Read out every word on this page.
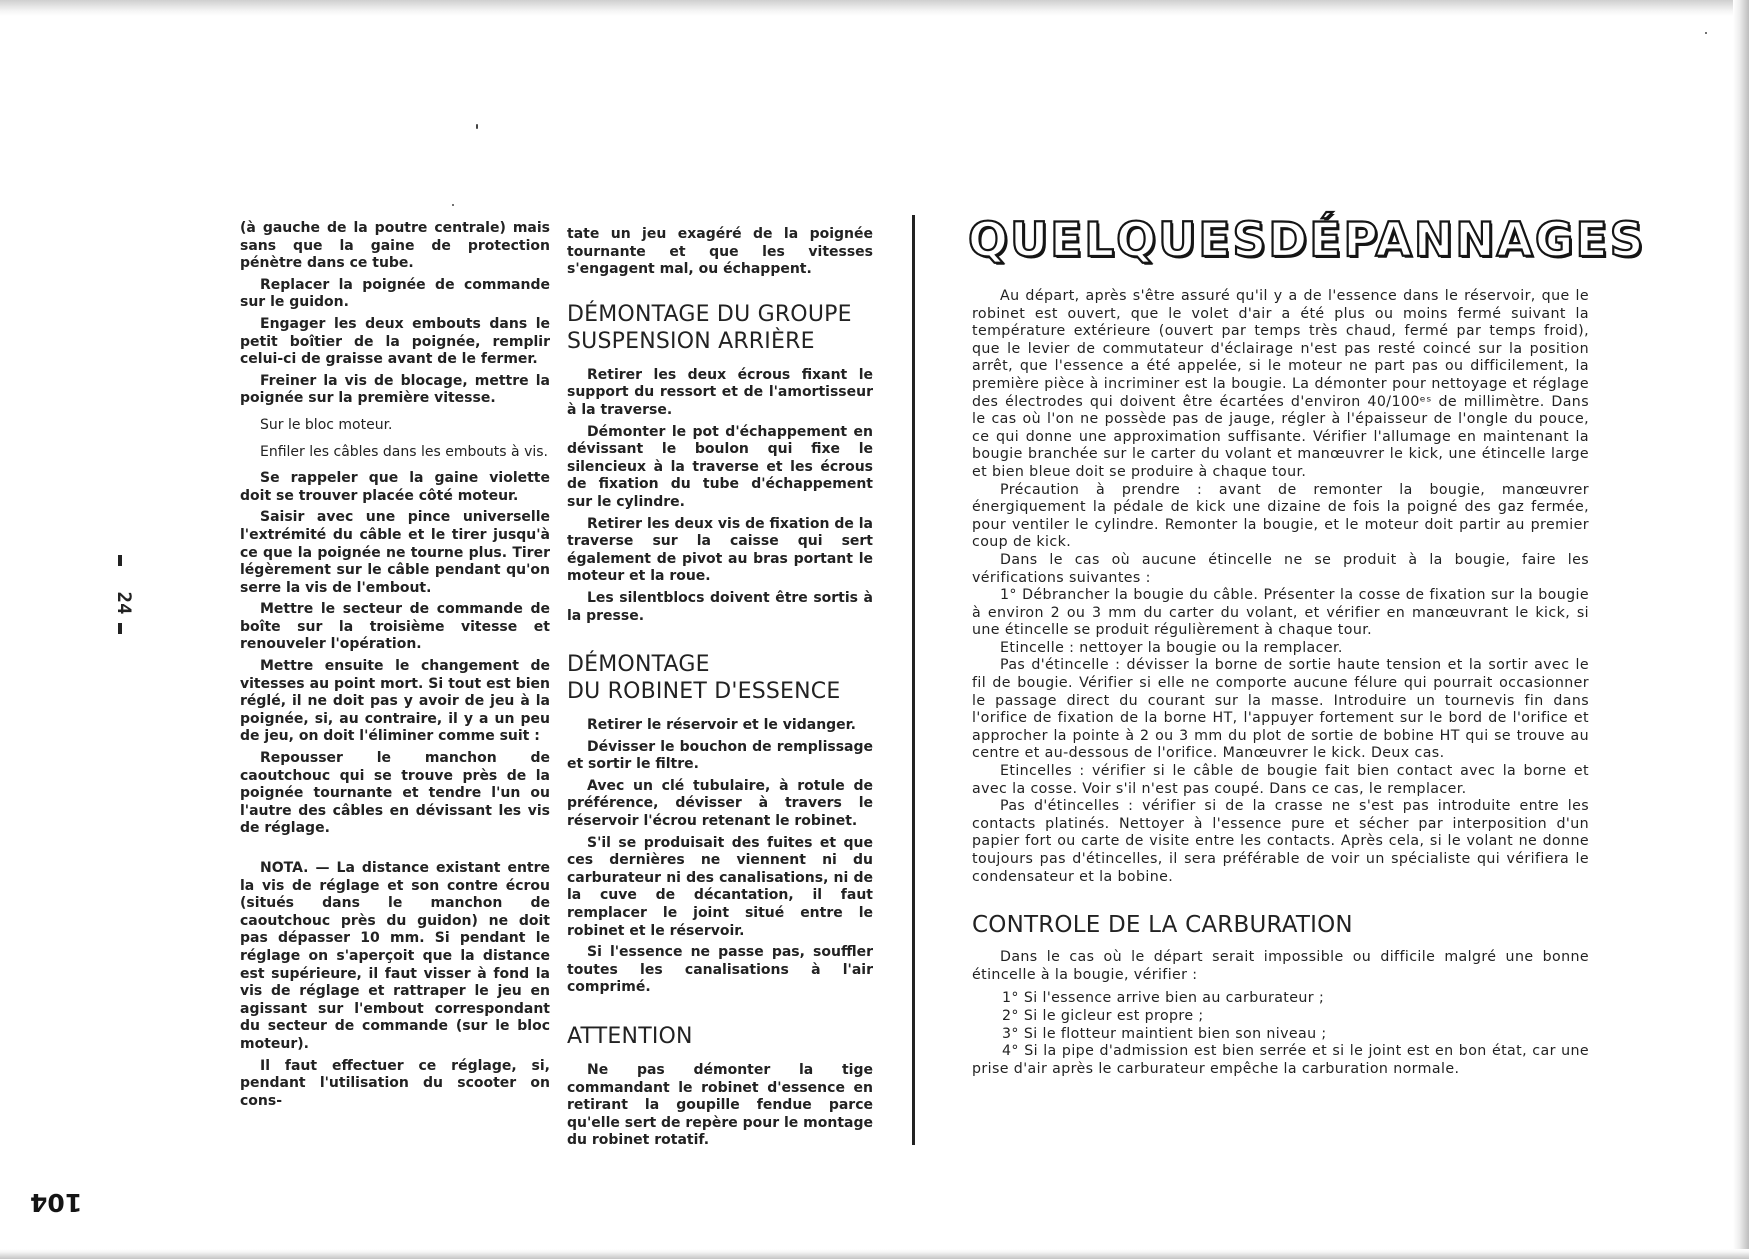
(à gauche de la poutre centrale) mais sans que la gaine de protection pénètre dans ce tube.

Replacer la poignée de commande sur le guidon.

Engager les deux embouts dans le petit boîtier de la poignée, remplir celui-ci de graisse avant de le fermer.

Freiner la vis de blocage, mettre la poignée sur la première vitesse.

Sur le bloc moteur.

Enfiler les câbles dans les embouts à vis.

Se rappeler que la gaine violette doit se trouver placée côté moteur.

Saisir avec une pince universelle l'extrémité du câble et le tirer jusqu'à ce que la poignée ne tourne plus. Tirer légèrement sur le câble pendant qu'on serre la vis de l'embout.

Mettre le secteur de commande de boîte sur la troisième vitesse et renouveler l'opération.

Mettre ensuite le changement de vitesses au point mort. Si tout est bien réglé, il ne doit pas y avoir de jeu à la poignée, si, au contraire, il y a un peu de jeu, on doit l'éliminer comme suit :

Repousser le manchon de caoutchouc qui se trouve près de la poignée tournante et tendre l'un ou l'autre des câbles en dévissant les vis de réglage.

NOTA. — La distance existant entre la vis de réglage et son contre écrou (situés dans le manchon de caoutchouc près du guidon) ne doit pas dépasser 10 mm. Si pendant le réglage on s'aperçoit que la distance est supérieure, il faut visser à fond la vis de réglage et rattraper le jeu en agissant sur l'embout correspondant du secteur de commande (sur le bloc moteur).

Il faut effectuer ce réglage, si, pendant l'utilisation du scooter on cons-

tate un jeu exagéré de la poignée tournante et que les vitesses s'engagent mal, ou échappent.

DÉMONTAGE DU GROUPE SUSPENSION ARRIÈRE

Retirer les deux écrous fixant le support du ressort et de l'amortisseur à la traverse.

Démonter le pot d'échappement en dévissant le boulon qui fixe le silencieux à la traverse et les écrous de fixation du tube d'échappement sur le cylindre.

Retirer les deux vis de fixation de la traverse sur la caisse qui sert également de pivot au bras portant le moteur et la roue.

Les silentblocs doivent être sortis à la presse.

DÉMONTAGE
DU ROBINET D'ESSENCE

Retirer le réservoir et le vidanger.

Dévisser le bouchon de remplissage et sortir le filtre.

Avec un clé tubulaire, à rotule de préférence, dévisser à travers le réservoir l'écrou retenant le robinet.

S'il se produisait des fuites et que ces dernières ne viennent ni du carburateur ni des canalisations, ni de la cuve de décantation, il faut remplacer le joint situé entre le robinet et le réservoir.

Si l'essence ne passe pas, souffler toutes les canalisations à l'air comprimé.

ATTENTION

Ne pas démonter la tige commandant le robinet d'essence en retirant la goupille fendue parce qu'elle sert de repère pour le montage du robinet rotatif.

QUELQUES DÉPANNAGES

Au départ, après s'être assuré qu'il y a de l'essence dans le réservoir, que le robinet est ouvert, que le volet d'air a été plus ou moins fermé suivant la température extérieure (ouvert par temps très chaud, fermé par temps froid), que le levier de commutateur d'éclairage n'est pas resté coincé sur la position arrêt, que l'essence a été appelée, si le moteur ne part pas ou difficilement, la première pièce à incriminer est la bougie. La démonter pour nettoyage et réglage des électrodes qui doivent être écartées d'environ 40/100ᵉˢ de millimètre. Dans le cas où l'on ne possède pas de jauge, régler à l'épaisseur de l'ongle du pouce, ce qui donne une approximation suffisante. Vérifier l'allumage en maintenant la bougie branchée sur le carter du volant et manœuvrer le kick, une étincelle large et bien bleue doit se produire à chaque tour.

Précaution à prendre : avant de remonter la bougie, manœuvrer énergiquement la pédale de kick une dizaine de fois la poigné des gaz fermée, pour ventiler le cylindre. Remonter la bougie, et le moteur doit partir au premier coup de kick.

Dans le cas où aucune étincelle ne se produit à la bougie, faire les vérifications suivantes :

1° Débrancher la bougie du câble. Présenter la cosse de fixation sur la bougie à environ 2 ou 3 mm du carter du volant, et vérifier en manœuvrant le kick, si une étincelle se produit régulièrement à chaque tour.

Etincelle : nettoyer la bougie ou la remplacer.

Pas d'étincelle : dévisser la borne de sortie haute tension et la sortir avec le fil de bougie. Vérifier si elle ne comporte aucune félure qui pourrait occasionner le passage direct du courant sur la masse. Introduire un tournevis fin dans l'orifice de fixation de la borne HT, l'appuyer fortement sur le bord de l'orifice et approcher la pointe à 2 ou 3 mm du plot de sortie de bobine HT qui se trouve au centre et au-dessous de l'orifice. Manœuvrer le kick. Deux cas.

Etincelles : vérifier si le câble de bougie fait bien contact avec la borne et avec la cosse. Voir s'il n'est pas coupé. Dans ce cas, le remplacer.

Pas d'étincelles : vérifier si de la crasse ne s'est pas introduite entre les contacts platinés. Nettoyer à l'essence pure et sécher par interposition d'un papier fort ou carte de visite entre les contacts. Après cela, si le volant ne donne toujours pas d'étincelles, il sera préférable de voir un spécialiste qui vérifiera le condensateur et la bobine.

CONTROLE DE LA CARBURATION

Dans le cas où le départ serait impossible ou difficile malgré une bonne étincelle à la bougie, vérifier :

1° Si l'essence arrive bien au carburateur ;

2° Si le gicleur est propre ;

3° Si le flotteur maintient bien son niveau ;

4° Si la pipe d'admission est bien serrée et si le joint est en bon état, car une prise d'air après le carburateur empêche la carburation normale.

24
104
